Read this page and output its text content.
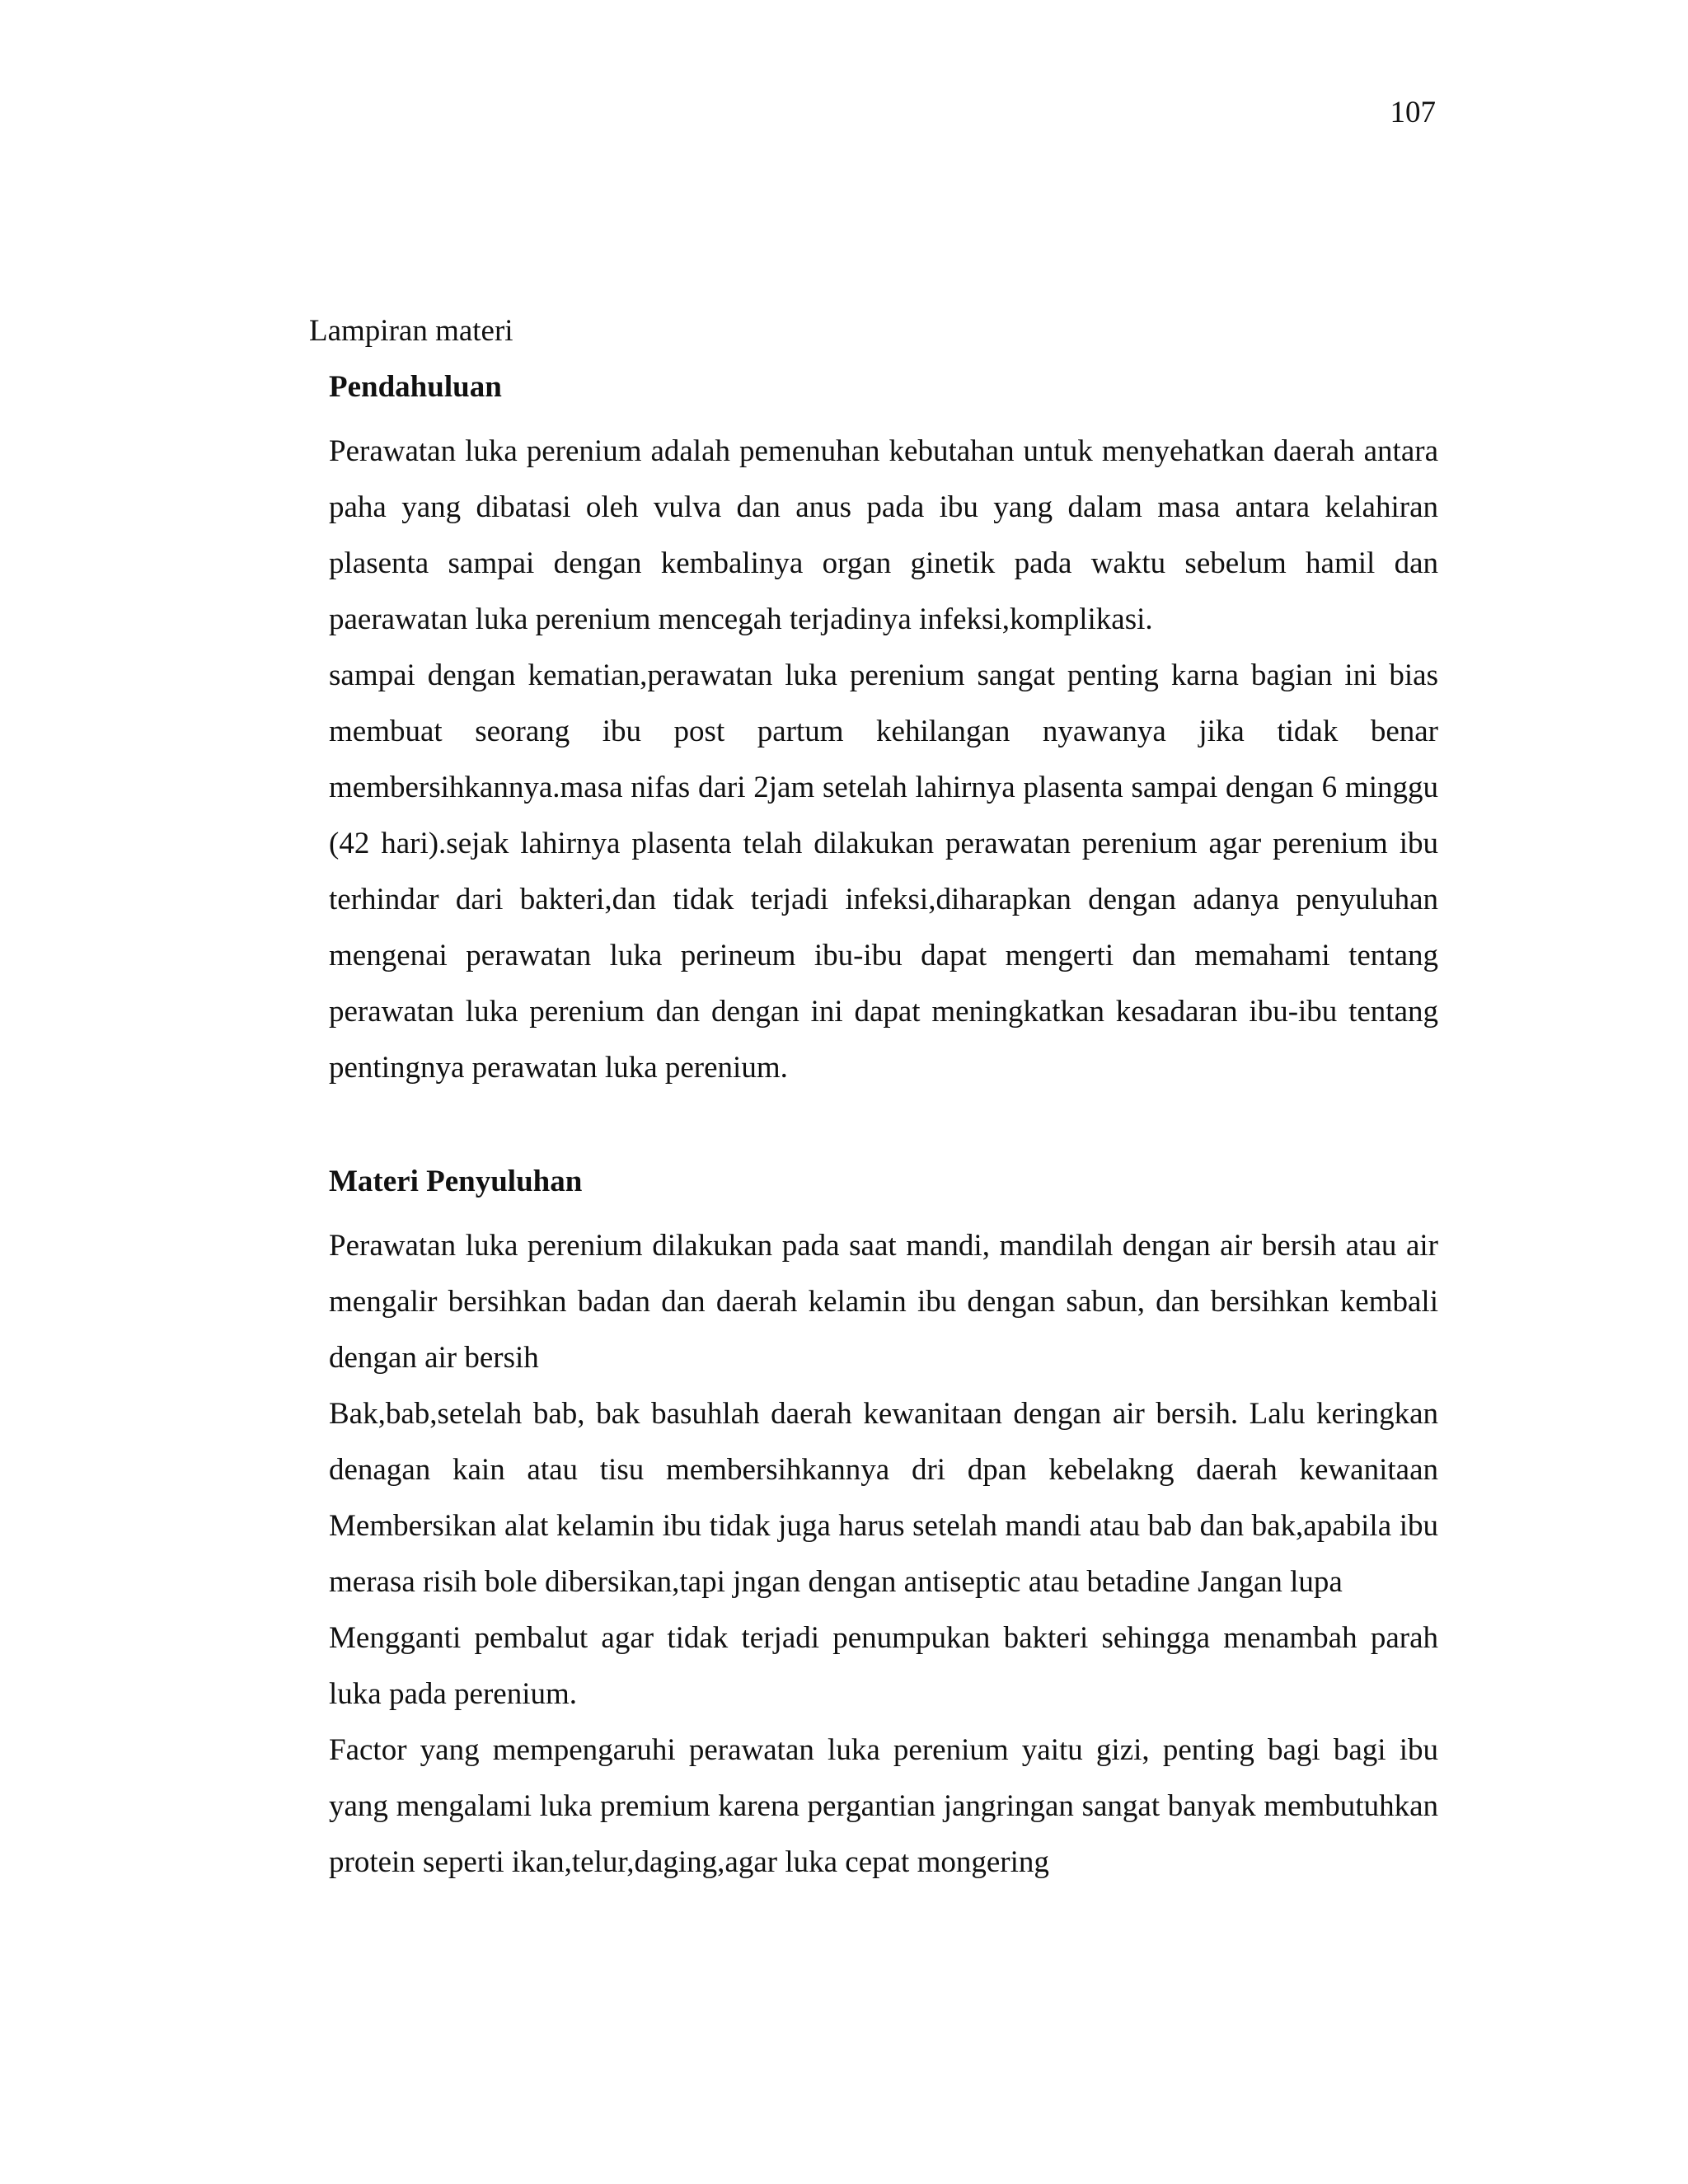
107
Lampiran materi
Pendahuluan

Perawatan luka perenium adalah pemenuhan kebutahan untuk menyehatkan daerah antara paha yang dibatasi oleh vulva dan anus pada ibu yang dalam masa antara kelahiran plasenta sampai dengan kembalinya organ ginetik pada waktu sebelum hamil dan paerawatan luka perenium mencegah terjadinya infeksi,komplikasi.

sampai dengan kematian,perawatan luka perenium sangat penting karna bagian ini bias membuat seorang ibu post partum kehilangan nyawanya jika tidak benar membersihkannya.masa nifas dari 2jam setelah lahirnya plasenta sampai dengan 6 minggu (42 hari).sejak lahirnya plasenta telah dilakukan perawatan perenium agar perenium ibu terhindar dari bakteri,dan tidak terjadi infeksi,diharapkan dengan adanya penyuluhan mengenai perawatan luka perineum ibu-ibu dapat mengerti dan memahami tentang perawatan luka perenium dan dengan ini dapat meningkatkan kesadaran ibu-ibu tentang pentingnya perawatan luka perenium.

Materi Penyuluhan

Perawatan luka perenium dilakukan pada saat mandi, mandilah dengan air bersih atau air mengalir bersihkan badan dan daerah kelamin ibu dengan sabun, dan bersihkan kembali dengan air bersih

Bak,bab,setelah bab, bak basuhlah daerah kewanitaan dengan air bersih. Lalu keringkan denagan kain atau tisu membersihkannya dri dpan kebelakng daerah kewanitaan Membersikan alat kelamin ibu tidak juga harus setelah mandi atau bab dan bak,apabila ibu merasa risih bole dibersikan,tapi jngan dengan antiseptic atau betadine Jangan lupa

Mengganti pembalut agar tidak terjadi penumpukan bakteri sehingga menambah parah luka pada perenium.

Factor yang mempengaruhi perawatan luka perenium yaitu gizi, penting bagi bagi ibu yang mengalami luka premium karena pergantian jangringan sangat banyak membutuhkan protein seperti ikan,telur,daging,agar luka cepat mongering
